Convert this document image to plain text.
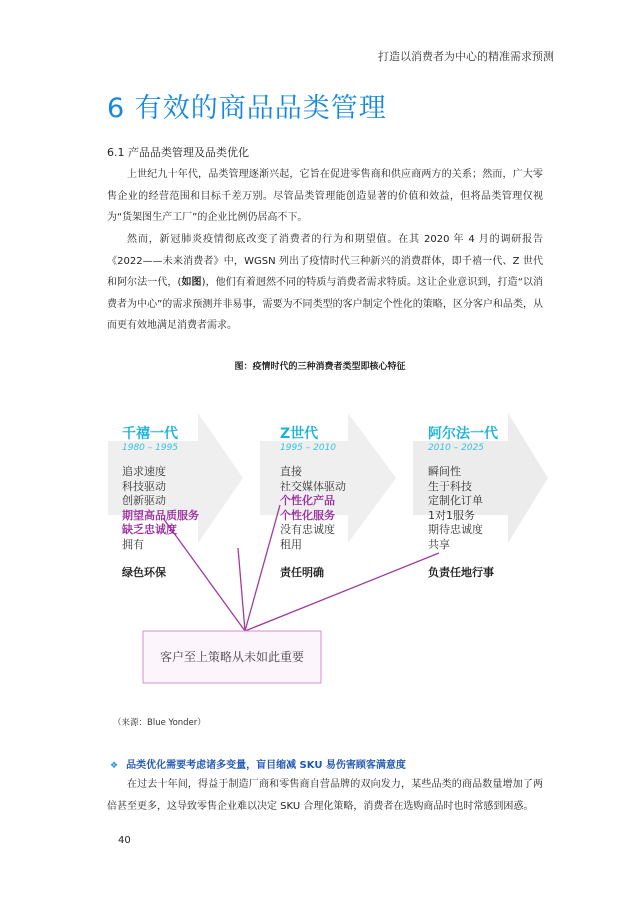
打造以消费者为中心的精准需求预测
6 有效的商品品类管理
6.1 产品品类管理及品类优化

上世纪九十年代，品类管理逐渐兴起，它旨在促进零售商和供应商两方的关系；然而，广大零售企业的经营范围和目标千差万别。尽管品类管理能创造显著的价值和效益，但将品类管理仅视为“货架图生产工厂”的企业比例仍居高不下。

然而，新冠肺炎疫情彻底改变了消费者的行为和期望值。在其 2020 年 4 月的调研报告《2022——未来消费者》中，WGSN 列出了疫情时代三种新兴的消费群体，即千禧一代、Z 世代和阿尔法一代，(如图)，他们有着迥然不同的特质与消费者需求特质。这让企业意识到，打造“以消费者为中心”的需求预测并非易事，需要为不同类型的客户制定个性化的策略，区分客户和品类，从而更有效地满足消费者需求。

图：疫情时代的三种消费者类型即核心特征
千禧一代
1980 – 1995
追求速度
科技驱动
创新驱动
期望高品质服务
缺乏忠诚度
拥有
绿色环保
Z世代
1995 – 2010
直接
社交媒体驱动
个性化产品
个性化服务
没有忠诚度
租用
责任明确
阿尔法一代
2010 – 2025
瞬间性
生于科技
定制化订单
1对1服务
期待忠诚度
共享
负责任地行事
客户至上策略从未如此重要
（来源：Blue Yonder）
❖ 品类优化需要考虑诸多变量，盲目缩减 SKU 易伤害顾客满意度

在过去十年间，得益于制造厂商和零售商自营品牌的双向发力，某些品类的商品数量增加了两倍甚至更多，这导致零售企业难以决定 SKU 合理化策略，消费者在选购商品时也时常感到困惑。

40
